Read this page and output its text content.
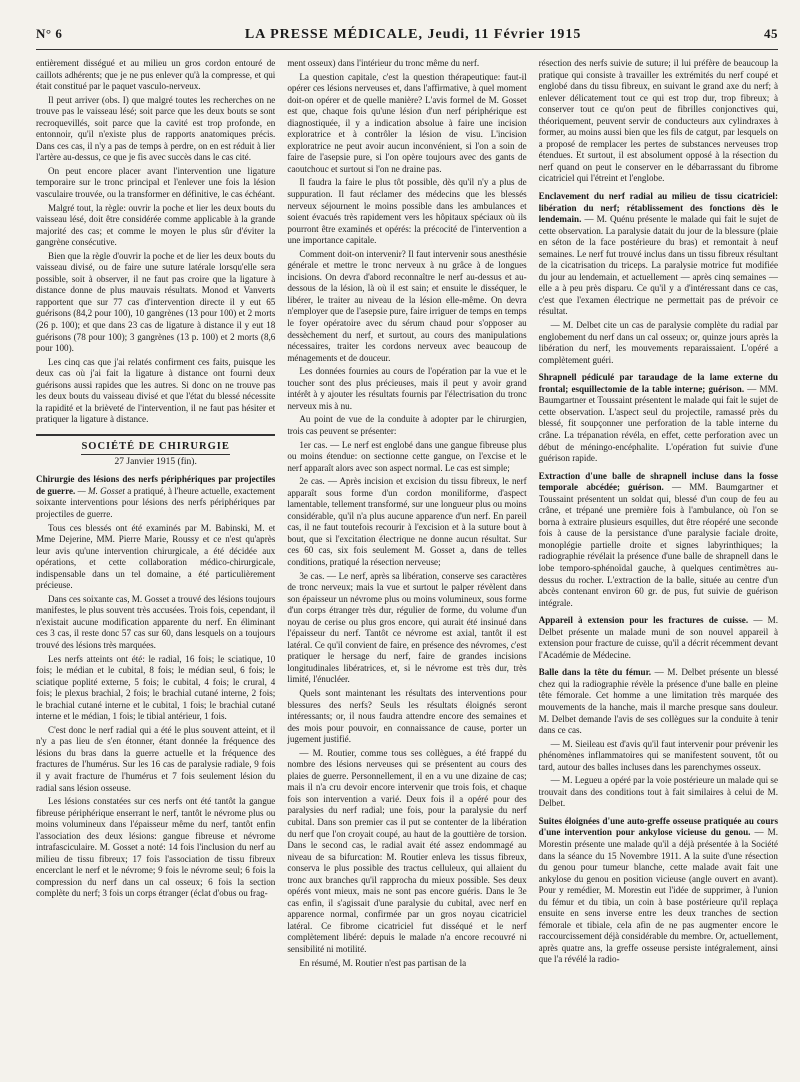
N° 6	LA PRESSE MÉDICALE, Jeudi, 11 Février 1915	45

entièrement disségué et au milieu un gros cordon entouré de caillots adhérents; que je ne pus enlever qu'à la compresse, et qui était constitué par le paquet vasculo-nerveux.

Il peut arriver (obs. I) que malgré toutes les recherches on ne trouve pas le vaisseau lésé; soit parce que les deux bouts se sont recroquevillés, soit parce que la cavité est trop profonde, en entonnoir, qu'il n'existe plus de rapports anatomiques précis. Dans ces cas, il n'y a pas de temps à perdre, on en est réduit à lier l'artère au-dessus, ce que je fis avec succès dans le cas cité.

On peut encore placer avant l'intervention une ligature temporaire sur le tronc principal et l'enlever une fois la lésion vasculaire trouvée, ou la transformer en définitive, le cas échéant.

Malgré tout, la règle: ouvrir la poche et lier les deux bouts du vaisseau lésé, doit être considérée comme applicable à la grande majorité des cas; et comme le moyen le plus sûr d'éviter la gangrène consécutive.

Bien que la règle d'ouvrir la poche et de lier les deux bouts du vaisseau divisé, ou de faire une suture latérale lorsqu'elle sera possible, soit à observer, il ne faut pas croire que la ligature à distance donne de plus mauvais résultats. Monod et Vanverts rapportent que sur 77 cas d'intervention directe il y eut 65 guérisons (84,2 pour 100), 10 gangrènes (13 pour 100) et 2 morts (26 p. 100); et que dans 23 cas de ligature à distance il y eut 18 guérisons (78 pour 100); 3 gangrènes (13 p. 100) et 2 morts (8,6 pour 100).

Les cinq cas que j'ai relatés confirment ces faits, puisque les deux cas où j'ai fait la ligature à distance ont fourni deux guérisons aussi rapides que les autres. Si donc on ne trouve pas les deux bouts du vaisseau divisé et que l'état du blessé nécessite la rapidité et la brièveté de l'intervention, il ne faut pas hésiter et pratiquer la ligature à distance.

SOCIÉTÉ DE CHIRURGIE
27 Janvier 1915 (fin).

Chirurgie des lésions des nerfs périphériques par projectiles de guerre. — M. Gosset a pratiqué, à l'heure actuelle, exactement soixante interventions pour lésions des nerfs périphériques par projectiles de guerre.

Tous ces blessés ont été examinés par M. Babinski, M. et Mme Dejerine, MM. Pierre Marie, Roussy et ce n'est qu'après leur avis qu'une intervention chirurgicale, a été décidée aux opérations, et cette collaboration médico-chirurgicale, indispensable dans un tel domaine, a été particulièrement précieuse.

Dans ces soixante cas, M. Gosset a trouvé des lésions toujours manifestes, le plus souvent très accusées. Trois fois, cependant, il n'existait aucune modification apparente du nerf. En éliminant ces 3 cas, il reste donc 57 cas sur 60, dans lesquels on a toujours trouvé des lésions très marquées.

Les nerfs atteints ont été: le radial, 16 fois; le sciatique, 10 fois; le médian et le cubital, 8 fois; le médian seul, 6 fois; le sciatique poplité externe, 5 fois; le cubital, 4 fois; le crural, 4 fois; le plexus brachial, 2 fois; le brachial cutané interne, 2 fois; le brachial cutané interne et le cubital, 1 fois; le brachial cutané interne et le médian, 1 fois; le tibial antérieur, 1 fois.

C'est donc le nerf radial qui a été le plus souvent atteint, et il n'y a pas lieu de s'en étonner, étant donnée la fréquence des lésions du bras dans la guerre actuelle et la fréquence des fractures de l'humérus. Sur les 16 cas de paralysie radiale, 9 fois il y avait fracture de l'humérus et 7 fois seulement lésion du radial sans lésion osseuse.

Les lésions constatées sur ces nerfs ont été tantôt la gangue fibreuse périphérique enserrant le nerf, tantôt le névrome plus ou moins volumineux dans l'épaisseur même du nerf, tantôt enfin l'association des deux lésions: gangue fibreuse et névrome intrafasciculaire. M. Gosset a noté: 14 fois l'inclusion du nerf au milieu de tissu fibreux; 17 fois l'association de tissu fibreux encerclant le nerf et le névrome; 9 fois le névrome seul; 6 fois la compression du nerf dans un cal osseux; 6 fois la section complète du nerf; 3 fois un corps étranger (éclat d'obus ou frag-

ment osseux) dans l'intérieur du tronc même du nerf.

La question capitale, c'est la question thérapeutique: faut-il opérer ces lésions nerveuses et, dans l'affirmative, à quel moment doit-on opérer et de quelle manière? L'avis formel de M. Gosset est que, chaque fois qu'une lésion d'un nerf périphérique est diagnostiquée, il y a indication absolue à faire une incision exploratrice et à contrôler la lésion de visu. L'incision exploratrice ne peut avoir aucun inconvénient, si l'on a soin de faire de l'asepsie pure, si l'on opère toujours avec des gants de caoutchouc et surtout si l'on ne draine pas.

Il faudra la faire le plus tôt possible, dès qu'il n'y a plus de suppuration. Il faut réclamer des médecins que les blessés nerveux séjournent le moins possible dans les ambulances et soient évacués très rapidement vers les hôpitaux spéciaux où ils pourront être examinés et opérés: la précocité de l'intervention a une importance capitale.

Comment doit-on intervenir? Il faut intervenir sous anesthésie générale et mettre le tronc nerveux à nu grâce à de longues incisions. On devra d'abord reconnaître le nerf au-dessus et au-dessous de la lésion, là où il est sain; et ensuite le disséquer, le libérer, le traiter au niveau de la lésion elle-même. On devra n'employer que de l'asepsie pure, faire irriguer de temps en temps le foyer opératoire avec du sérum chaud pour s'opposer au dessèchement du nerf, et surtout, au cours des manipulations nécessaires, traiter les cordons nerveux avec beaucoup de ménagements et de douceur.

Les données fournies au cours de l'opération par la vue et le toucher sont des plus précieuses, mais il peut y avoir grand intérêt à y ajouter les résultats fournis par l'électrisation du tronc nerveux mis à nu.

Au point de vue de la conduite à adopter par le chirurgien, trois cas peuvent se présenter:

1er cas. — Le nerf est englobé dans une gangue fibreuse plus ou moins étendue: on sectionne cette gangue, on l'excise et le nerf apparaît alors avec son aspect normal. Le cas est simple;

2e cas. — Après incision et excision du tissu fibreux, le nerf apparaît sous forme d'un cordon moniliforme, d'aspect lamentable, tellement transformé, sur une longueur plus ou moins considérable, qu'il n'a plus aucune apparence d'un nerf. En pareil cas, il ne faut toutefois recourir à l'excision et à la suture bout à bout, que si l'excitation électrique ne donne aucun résultat. Sur ces 60 cas, six fois seulement M. Gosset a, dans de telles conditions, pratiqué la résection nerveuse;

3e cas. — Le nerf, après sa libération, conserve ses caractères de tronc nerveux; mais la vue et surtout le palper révèlent dans son épaisseur un névrome plus ou moins volumineux, sous forme d'un corps étranger très dur, régulier de forme, du volume d'un noyau de cerise ou plus gros encore, qui aurait été insinué dans l'épaisseur du nerf. Tantôt ce névrome est axial, tantôt il est latéral. Ce qu'il convient de faire, en présence des névromes, c'est pratiquer le hersage du nerf, faire de grandes incisions longitudinales libératrices, et, si le névrome est très dur, très limité, l'énucléer.

Quels sont maintenant les résultats des interventions pour blessures des nerfs? Seuls les résultats éloignés seront intéressants; or, il nous faudra attendre encore des semaines et des mois pour pouvoir, en connaissance de cause, porter un jugement justifié.

— M. Routier, comme tous ses collègues, a été frappé du nombre des lésions nerveuses qui se présentent au cours des plaies de guerre. Personnellement, il en a vu une dizaine de cas; mais il n'a cru devoir encore intervenir que trois fois, et chaque fois son intervention a varié. Deux fois il a opéré pour des paralysies du nerf radial; une fois, pour la paralysie du nerf cubital. Dans son premier cas il put se contenter de la libération du nerf que l'on croyait coupé, au haut de la gouttière de torsion. Dans le second cas, le radial avait été assez endommagé au niveau de sa bifurcation: M. Routier enleva les tissus fibreux, conserva le plus possible des tractus celluleux, qui allaient du tronc aux branches qu'il rapprocha du mieux possible. Ses deux opérés vont mieux, mais ne sont pas encore guéris. Dans le 3e cas enfin, il s'agissait d'une paralysie du cubital, avec nerf en apparence normal, confirmée par un gros noyau cicatriciel latéral. Ce fibrome cicatriciel fut disséqué et le nerf complètement libéré: depuis le malade n'a encore recouvré ni sensibilité ni motilité.

En résumé, M. Routier n'est pas partisan de la

résection des nerfs suivie de suture; il lui préfère de beaucoup la pratique qui consiste à travailler les extrémités du nerf coupé et englobé dans du tissu fibreux, en suivant le grand axe du nerf; à enlever délicatement tout ce qui est trop dur, trop fibreux; à conserver tout ce qu'on peut de fibrilles conjonctives qui, théoriquement, peuvent servir de conducteurs aux cylindraxes à former, au moins aussi bien que les fils de catgut, par lesquels on a proposé de remplacer les pertes de substances nerveuses trop étendues. Et surtout, il est absolument opposé à la résection du nerf quand on peut le conserver en le débarrassant du fibrome cicatriciel qui l'étreint et l'englobe.

Enclavement du nerf radial au milieu de tissu cicatriciel: libération du nerf; rétablissement des fonctions dès le lendemain. — M. Quénu présente le malade qui fait le sujet de cette observation. La paralysie datait du jour de la blessure (plaie en séton de la face postérieure du bras) et remontait à neuf semaines. Le nerf fut trouvé inclus dans un tissu fibreux résultant de la cicatrisation du triceps. La paralysie motrice fut modifiée du jour au lendemain, et actuellement — après cinq semaines — elle a à peu près disparu. Ce qu'il y a d'intéressant dans ce cas, c'est que l'examen électrique ne permettait pas de prévoir ce résultat.

— M. Delbet cite un cas de paralysie complète du radial par englobement du nerf dans un cal osseux; or, quinze jours après la libération du nerf, les mouvements reparaissaient. L'opéré a complètement guéri.

Shrapnell pédiculé par taraudage de la lame externe du frontal; esquillectomie de la table interne; guérison. — MM. Baumgartner et Toussaint présentent le malade qui fait le sujet de cette observation. L'aspect seul du projectile, ramassé près du blessé, fit soupçonner une perforation de la table interne du crâne. La trépanation révéla, en effet, cette perforation avec un début de méningo-encéphalite. L'opération fut suivie d'une guérison rapide.

Extraction d'une balle de shrapnell incluse dans la fosse temporale abcédée; guérison. — MM. Baumgartner et Toussaint présentent un soldat qui, blessé d'un coup de feu au crâne, et trépané une première fois à l'ambulance, où l'on se borna à extraire plusieurs esquilles, dut être réopéré une seconde fois à cause de la persistance d'une paralysie faciale droite, monoplégie partielle droite et signes labyrinthiques; la radiographie révélait la présence d'une balle de shrapnell dans le lobe temporo-sphénoïdal gauche, à quelques centimètres au-dessus du rocher. L'extraction de la balle, située au centre d'un abcès contenant environ 60 gr. de pus, fut suivie de guérison intégrale.

Appareil à extension pour les fractures de cuisse. — M. Delbet présente un malade muni de son nouvel appareil à extension pour fracture de cuisse, qu'il a décrit récemment devant l'Académie de Médecine.

Balle dans la tête du fémur. — M. Delbet présente un blessé chez qui la radiographie révèle la présence d'une balle en pleine tête fémorale. Cet homme a une limitation très marquée des mouvements de la hanche, mais il marche presque sans douleur. M. Delbet demande l'avis de ses collègues sur la conduite à tenir dans ce cas.

— M. Sieileau est d'avis qu'il faut intervenir pour prévenir les phénomènes inflammatoires qui se manifestent souvent, tôt ou tard, autour des balles incluses dans les parenchymes osseux.

— M. Legueu a opéré par la voie postérieure un malade qui se trouvait dans des conditions tout à fait similaires à celui de M. Delbet.

Suites éloignées d'une auto-greffe osseuse pratiquée au cours d'une intervention pour ankylose vicieuse du genou. — M. Morestin présente une malade qu'il a déjà présentée à la Société dans la séance du 15 Novembre 1911. A la suite d'une résection du genou pour tumeur blanche, cette malade avait fait une ankylose du genou en position vicieuse (angle ouvert en avant). Pour y remédier, M. Morestin eut l'idée de supprimer, à l'union du fémur et du tibia, un coin à base postérieure qu'il replaça ensuite en sens inverse entre les deux tranches de section fémorale et tibiale, cela afin de ne pas augmenter encore le raccourcissement déjà considérable du membre. Or, actuellement, après quatre ans, la greffe osseuse persiste intégralement, ainsi que l'a révélé la radio-
